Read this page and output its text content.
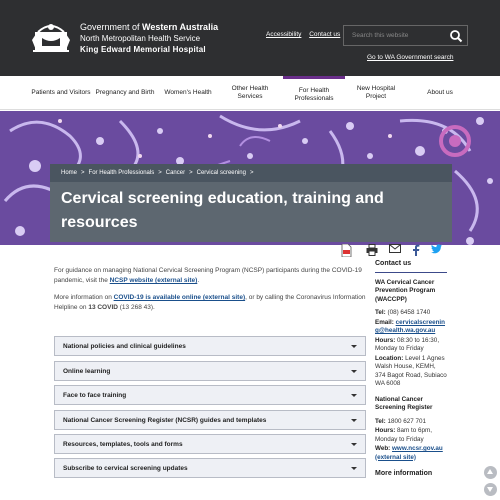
Government of Western Australia
North Metropolitan Health Service
King Edward Memorial Hospital
Accessibility Contact us	Search this website
Go to WA Government search
Patients and Visitors Pregnancy and Birth	Women's Health
Other Health Services
For Health Professionals
New Hospital Project
About us
Home > For Health Professionals > Cancer > Cervical screening >
Cervical screening education, training and resources
For guidance on managing National Cervical Screening Program (NCSP) participants during the COVID-19 pandemic, visit the NCSP website (external site).
More information on COVID-19 is available online (external site), or by calling the Coronavirus Information Helpline on 13 COVID (13 268 43).
National policies and clinical guidelines
Online learning
Face to face training
National Cancer Screening Register (NCSR) guides and templates
Resources, templates, tools and forms
Subscribe to cervical screening updates
Contact us
WA Cervical Cancer Prevention Program (WACCPP)

Tel: (08) 6458 1740

Email: cervicalscreening@health.wa.gov.au

Hours: 08:30 to 16:30, Monday to Friday

Location: Level 1 Agnes Walsh House, KEMH, 374 Bagot Road, Subiaco WA 6008

National Cancer Screening Register

Tel: 1800 627 701

Hours: 8am to 6pm, Monday to Friday

Web: www.ncsr.gov.au (external site)

More information
